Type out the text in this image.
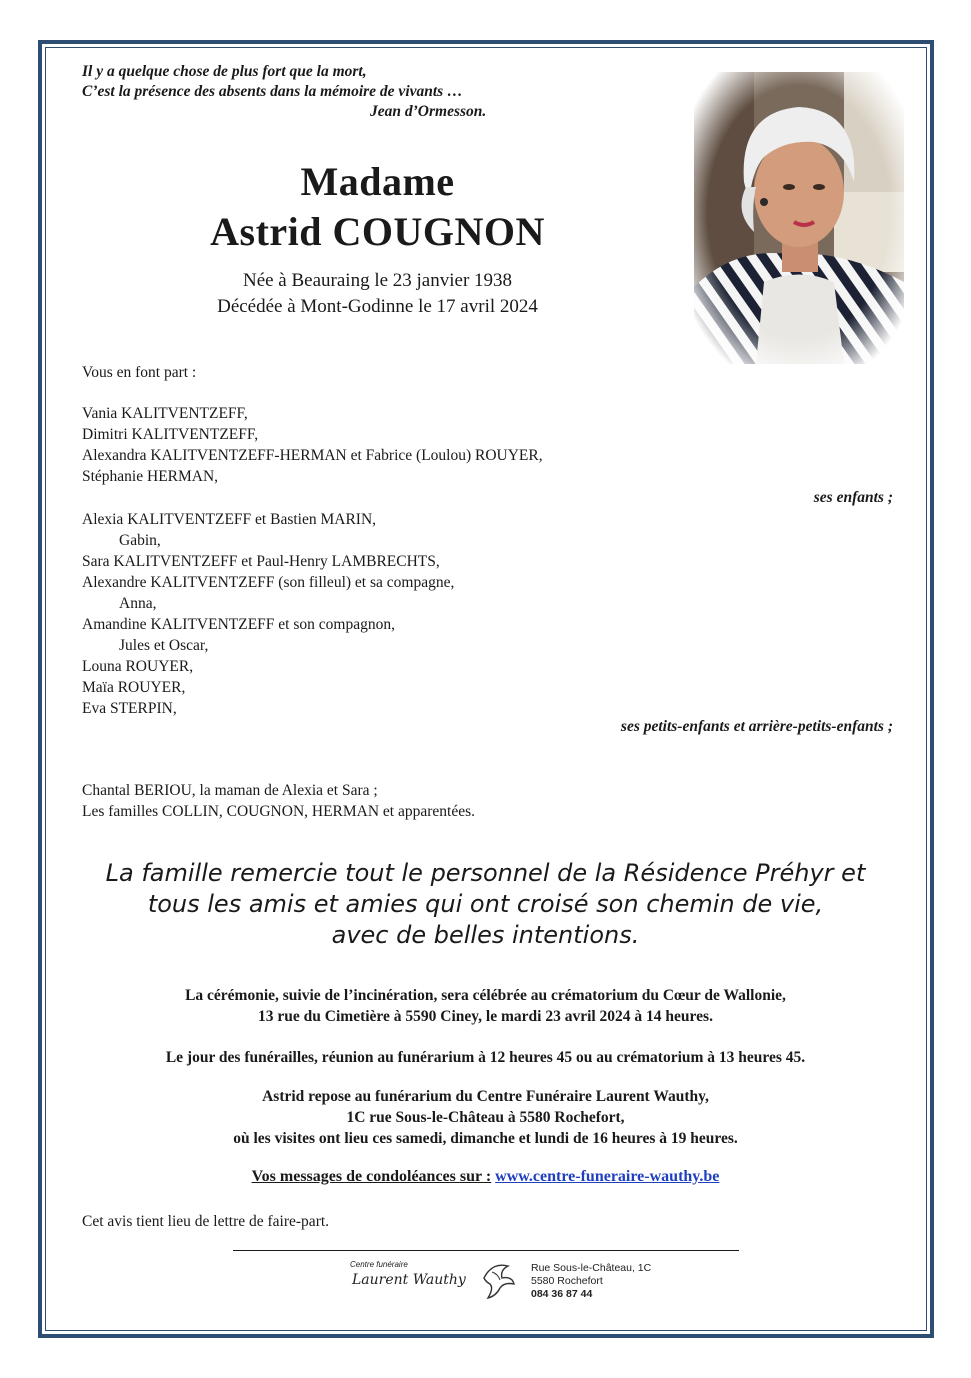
Il y a quelque chose de plus fort que la mort,
C’est la présence des absents dans la mémoire de vivants …
Jean d’Ormesson.
Madame
Astrid COUGNON
Née à Beauraing le 23 janvier 1938
Décédée à Mont-Godinne le 17 avril 2024
Vous en font part :
Vania KALITVENTZEFF,
Dimitri KALITVENTZEFF,
Alexandra KALITVENTZEFF-HERMAN et Fabrice (Loulou) ROUYER,
Stéphanie HERMAN,
ses enfants ;
Alexia KALITVENTZEFF et Bastien MARIN,
Gabin,
Sara KALITVENTZEFF et Paul-Henry LAMBRECHTS,
Alexandre KALITVENTZEFF (son filleul) et sa compagne,
Anna,
Amandine KALITVENTZEFF et son compagnon,
Jules et Oscar,
Louna ROUYER,
Maïa ROUYER,
Eva STERPIN,
ses petits-enfants et arrière-petits-enfants ;
Chantal BERIOU, la maman de Alexia et Sara ;
Les familles COLLIN, COUGNON, HERMAN et apparentées.
La famille remercie tout le personnel de la Résidence Préhyr et
tous les amis et amies qui ont croisé son chemin de vie,
avec de belles intentions.
La cérémonie, suivie de l’incinération, sera célébrée au crématorium du Cœur de Wallonie,
13 rue du Cimetière à 5590 Ciney, le mardi 23 avril 2024 à 14 heures.
Le jour des funérailles, réunion au funérarium à 12 heures 45 ou au crématorium à 13 heures 45.
Astrid repose au funérarium du Centre Funéraire Laurent Wauthy,
1C rue Sous-le-Château à 5580 Rochefort,
où les visites ont lieu ces samedi, dimanche et lundi de 16 heures à 19 heures.
Vos messages de condoléances sur : www.centre-funeraire-wauthy.be
Cet avis tient lieu de lettre de faire-part.
Centre funéraire
Laurent Wauthy
Rue Sous-le-Château, 1C
5580 Rochefort
084 36 87 44
